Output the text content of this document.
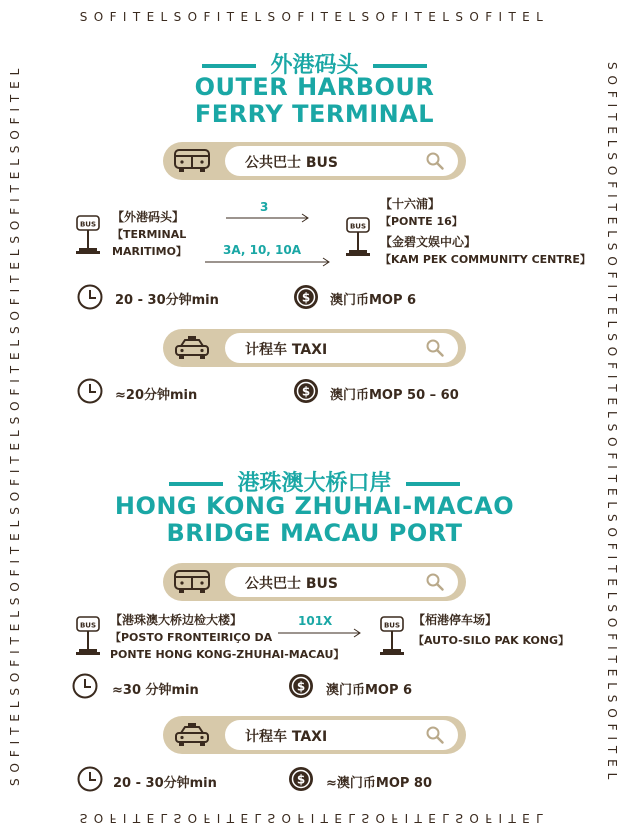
SOFITELSOFITELSOFITELSOFITELSOFITEL
SOFITELSOFITELSOFITELSOFITELSOFITEL
SOFITELSOFITELSOFITELSOFITELSOFITELSOFITELSOFITELSOFITEL	SOFITELSOFITELSOFITELSOFITELSOFITELSOFITELSOFITELSOFITEL
外港码头
OUTER HARBOUR
FERRY TERMINAL
公共巴士 BUS
【外港码头】
【TERMINAL
MARITIMO】
3
3A, 10, 10A
【十六浦】
【PONTE 16】
【金碧文娱中心】
【KAM PEK COMMUNITY CENTRE】
20 - 30分钟min	澳门币MOP 6
计程车 TAXI
≈20分钟min	澳门币MOP 50 – 60
港珠澳大桥口岸
HONG KONG ZHUHAI-MACAO
BRIDGE MACAU PORT
公共巴士 BUS
【港珠澳大桥边检大楼】
【POSTO FRONTEIRIÇO DA
PONTE HONG KONG-ZHUHAI-MACAU】
101X	【栢港停车场】
【AUTO-SILO PAK KONG】
≈30 分钟min	澳门币MOP 6
计程车 TAXI
20 - 30分钟min	≈澳门币MOP 80
